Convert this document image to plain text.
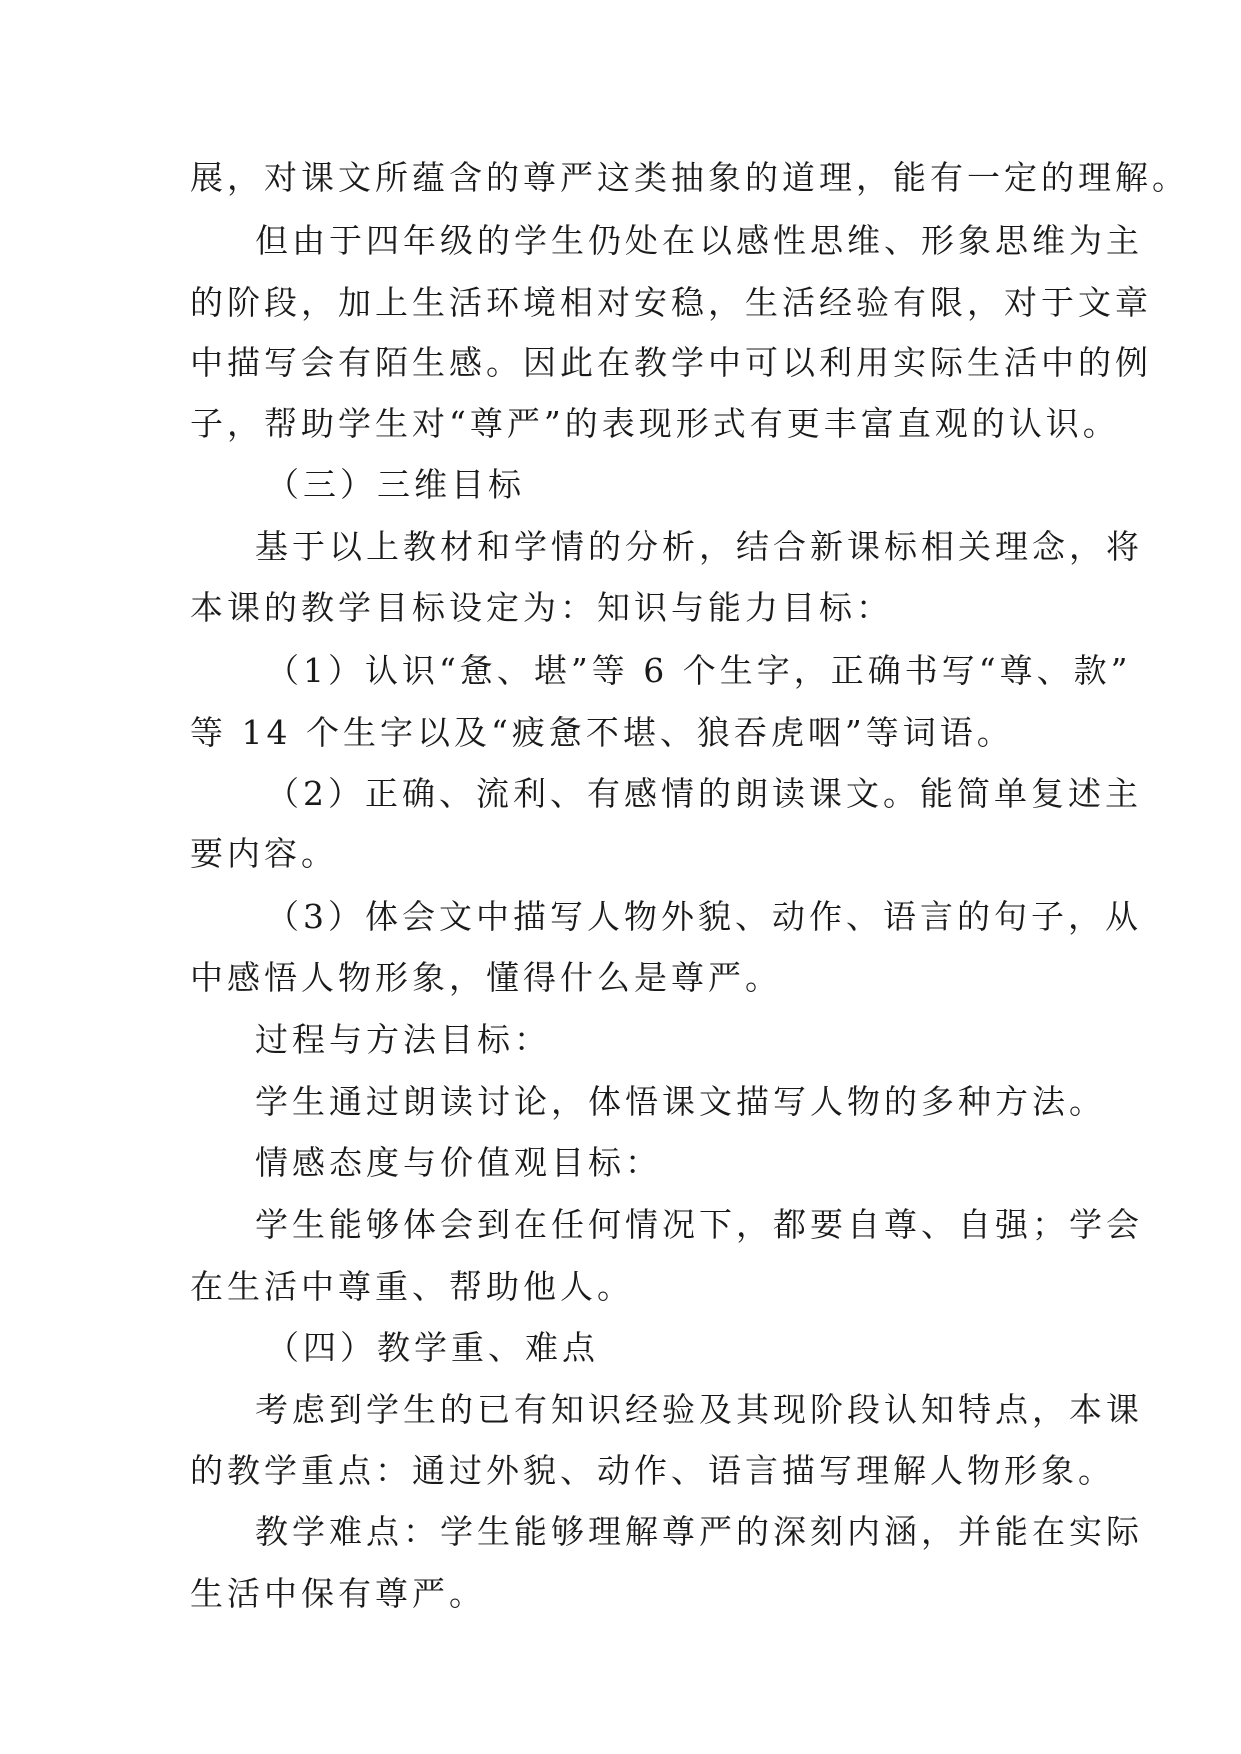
展，对课文所蕴含的尊严这类抽象的道理，能有一定的理解。
但由于四年级的学生仍处在以感性思维、形象思维为主
的阶段，加上生活环境相对安稳，生活经验有限，对于文章
中描写会有陌生感。因此在教学中可以利用实际生活中的例
子，帮助学生对“尊严”的表现形式有更丰富直观的认识。
（三）三维目标
基于以上教材和学情的分析，结合新课标相关理念，将
本课的教学目标设定为：知识与能力目标：
（1）认识“惫、堪”等 6 个生字，正确书写“尊、款”
等 14 个生字以及“疲惫不堪、狼吞虎咽”等词语。
（2）正确、流利、有感情的朗读课文。能简单复述主
要内容。
（3）体会文中描写人物外貌、动作、语言的句子，从
中感悟人物形象，懂得什么是尊严。
过程与方法目标：
学生通过朗读讨论，体悟课文描写人物的多种方法。
情感态度与价值观目标：
学生能够体会到在任何情况下，都要自尊、自强；学会
在生活中尊重、帮助他人。
（四）教学重、难点
考虑到学生的已有知识经验及其现阶段认知特点，本课
的教学重点：通过外貌、动作、语言描写理解人物形象。
教学难点：学生能够理解尊严的深刻内涵，并能在实际
生活中保有尊严。
